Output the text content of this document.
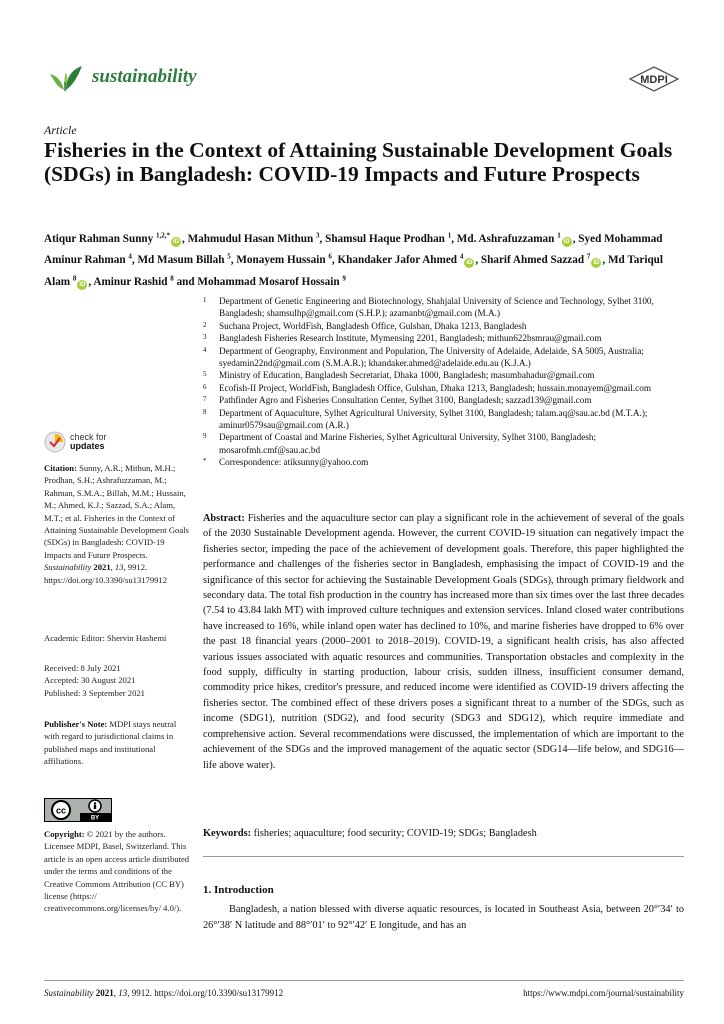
sustainability	MDPI
Article
Fisheries in the Context of Attaining Sustainable Development Goals (SDGs) in Bangladesh: COVID-19 Impacts and Future Prospects
Atiqur Rahman Sunny $^{1,2,*}$iD , Mahmudul Hasan Mithun $^3$, Shamsul Haque Prodhan $^1$, Md. Ashrafuzzaman $^1$iD , Syed Mohammad Aminur Rahman $^4$, Md Masum Billah $^5$, Monayem Hussain $^6$, Khandaker Jafor Ahmed $^4$iD , Sharif Ahmed Sazzad $^7$iD , Md Tariqul Alam $^8$iD , Aminur Rashid $^8$ and Mohammad Mosarof Hossain $^9$
1	Department of Genetic Engineering and Biotechnology, Shahjalal University of Science and Technology, Sylhet 3100, Bangladesh; shamsulhp@gmail.com (S.H.P.); azamanbt@gmail.com (M.A.)
2	Suchana Project, WorldFish, Bangladesh Office, Gulshan, Dhaka 1213, Bangladesh
3	Bangladesh Fisheries Research Institute, Mymensing 2201, Bangladesh; mithun622bsmrau@gmail.com
4	Department of Geography, Environment and Population, The University of Adelaide, Adelaide, SA 5005, Australia; syedamin22nd@gmail.com (S.M.A.R.); khandaker.ahmed@adelaide.edu.au (K.J.A.)
5	Ministry of Education, Bangladesh Secretariat, Dhaka 1000, Bangladesh; masumbahadur@gmail.com
6	Ecofish-II Project, WorldFish, Bangladesh Office, Gulshan, Dhaka 1213, Bangladesh; hussain.monayem@gmail.com
7	Pathfinder Agro and Fisheries Consultation Center, Sylhet 3100, Bangladesh; sazzad139@gmail.com
8	Department of Aquaculture, Sylhet Agricultural University, Sylhet 3100, Bangladesh; talam.aq@sau.ac.bd (M.T.A.); aminur0579sau@gmail.com (A.R.)
9	Department of Coastal and Marine Fisheries, Sylhet Agricultural University, Sylhet 3100, Bangladesh; mosarofmh.cmf@sau.ac.bd
*	Correspondence: atiksunny@yahoo.com
check for
updates
Citation: Sunny, A.R.; Mithun, M.H.; Prodhan, S.H.; Ashrafuzzaman, M.; Rahman, S.M.A.; Billah, M.M.; Hussain, M.; Ahmed, K.J.; Sazzad, S.A.; Alam, M.T.; et al. Fisheries in the Context of Attaining Sustainable Development Goals (SDGs) in Bangladesh: COVID-19 Impacts and Future Prospects. Sustainability 2021, 13, 9912. https://doi.org/10.3390/su13179912
Academic Editor: Shervin Hashemi
Received: 8 July 2021
Accepted: 30 August 2021
Published: 3 September 2021
Publisher's Note: MDPI stays neutral with regard to jurisdictional claims in published maps and institutional affiliations.
cc
BY
Copyright: © 2021 by the authors. Licensee MDPI, Basel, Switzerland. This article is an open access article distributed under the terms and conditions of the Creative Commons Attribution (CC BY) license (https:// creativecommons.org/licenses/by/ 4.0/).
Abstract: Fisheries and the aquaculture sector can play a significant role in the achievement of several of the goals of the 2030 Sustainable Development agenda. However, the current COVID-19 situation can negatively impact the fisheries sector, impeding the pace of the achievement of development goals. Therefore, this paper highlighted the performance and challenges of the fisheries sector in Bangladesh, emphasising the impact of COVID-19 and the significance of this sector for achieving the Sustainable Development Goals (SDGs), through primary fieldwork and secondary data. The total fish production in the country has increased more than six times over the last three decades (7.54 to 43.84 lakh MT) with improved culture techniques and extension services. Inland closed water contributions have increased to 16%, while inland open water has declined to 10%, and marine fisheries have dropped to 6% over the past 18 financial years (2000–2001 to 2018–2019). COVID-19, a significant health crisis, has also affected various issues associated with aquatic resources and communities. Transportation obstacles and complexity in the food supply, difficulty in starting production, labour crisis, sudden illness, insufficient consumer demand, commodity price hikes, creditor's pressure, and reduced income were identified as COVID-19 drivers affecting the fisheries sector. The combined effect of these drivers poses a significant threat to a number of the SDGs, such as income (SDG1), nutrition (SDG2), and food security (SDG3 and SDG12), which require immediate and comprehensive action. Several recommendations were discussed, the implementation of which are important to the achievement of the SDGs and the improved management of the aquatic sector (SDG14—life below, and SDG16—life above water).
Keywords: fisheries; aquaculture; food security; COVID-19; SDGs; Bangladesh
1. Introduction

Bangladesh, a nation blessed with diverse aquatic resources, is located in Southeast Asia, between 20°′34′ to 26°′38′ N latitude and 88°′01′ to 92°′42′ E longitude, and has an

Sustainability 2021, 13, 9912. https://doi.org/10.3390/su13179912	https://www.mdpi.com/journal/sustainability
